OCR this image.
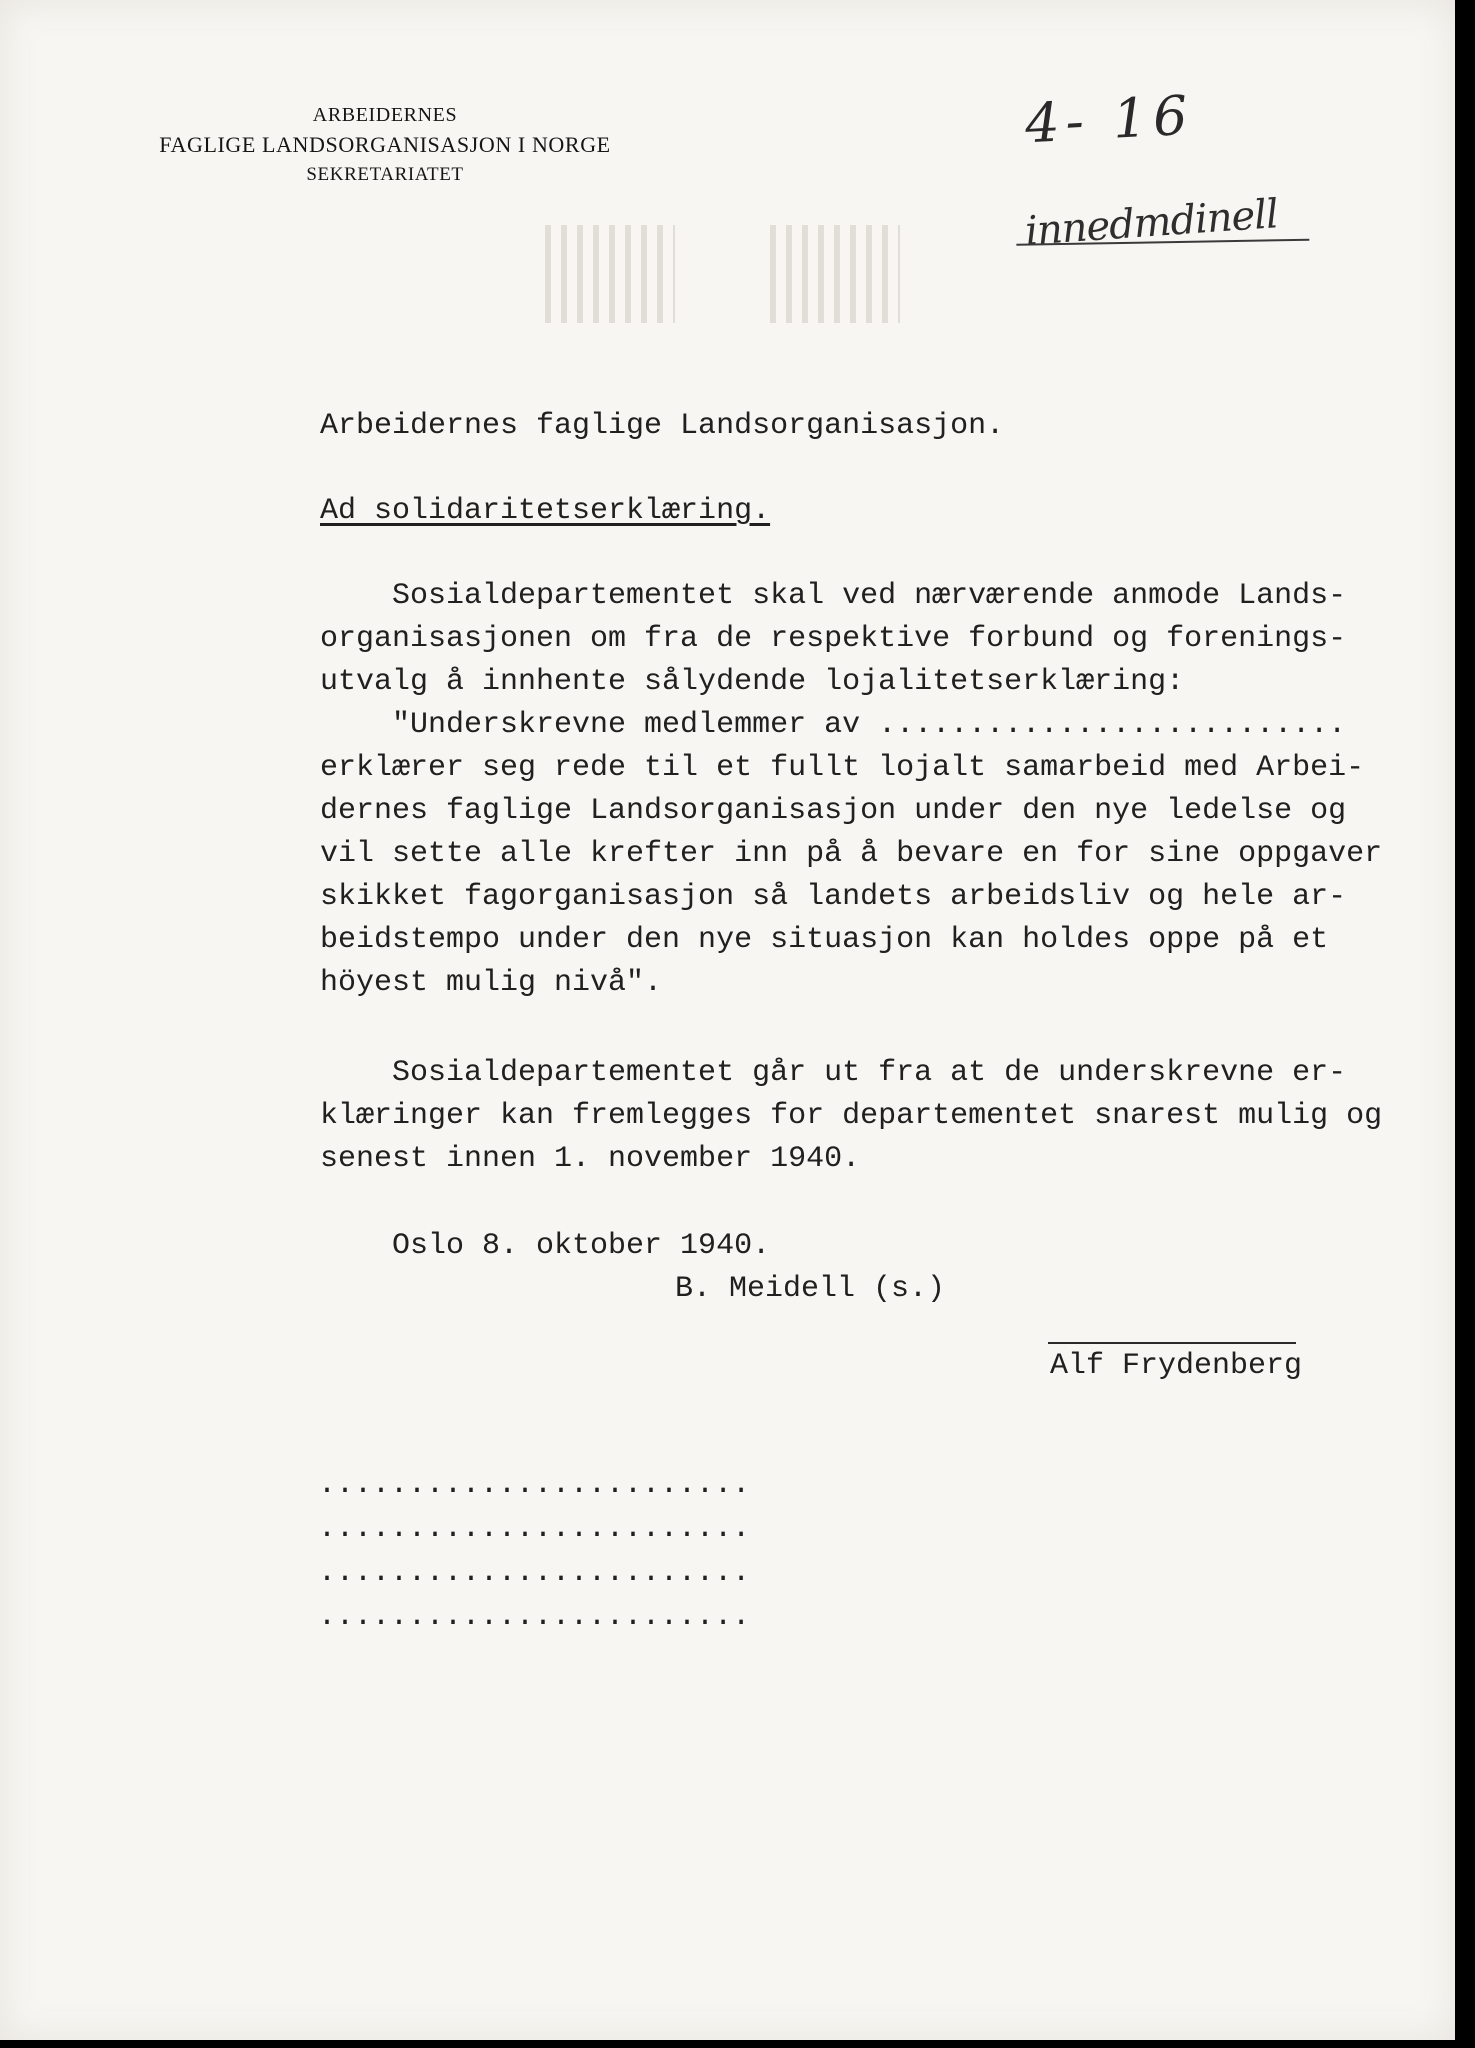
ARBEIDERNES
FAGLIGE LANDSORGANISASJON I NORGE
SEKRETARIATET
4- 16
innedmdinell
Arbeidernes faglige Landsorganisasjon.
Ad solidaritetserklæring.
Sosialdepartementet skal ved nærværende anmode Lands-
organisasjonen om fra de respektive forbund og forenings-
utvalg å innhente sålydende lojalitetserklæring:
"Underskrevne medlemmer av ..........................
erklærer seg rede til et fullt lojalt samarbeid med Arbei-
dernes faglige Landsorganisasjon under den nye ledelse og
vil sette alle krefter inn på å bevare en for sine oppgaver
skikket fagorganisasjon så landets arbeidsliv og hele ar-
beidstempo under den nye situasjon kan holdes oppe på et
höyest mulig nivå".
Sosialdepartementet går ut fra at de underskrevne er-
klæringer kan fremlegges for departementet snarest mulig og
senest innen 1. november 1940.
Oslo 8. oktober 1940.
B. Meidell (s.)
Alf Frydenberg
........................
........................
........................
........................
